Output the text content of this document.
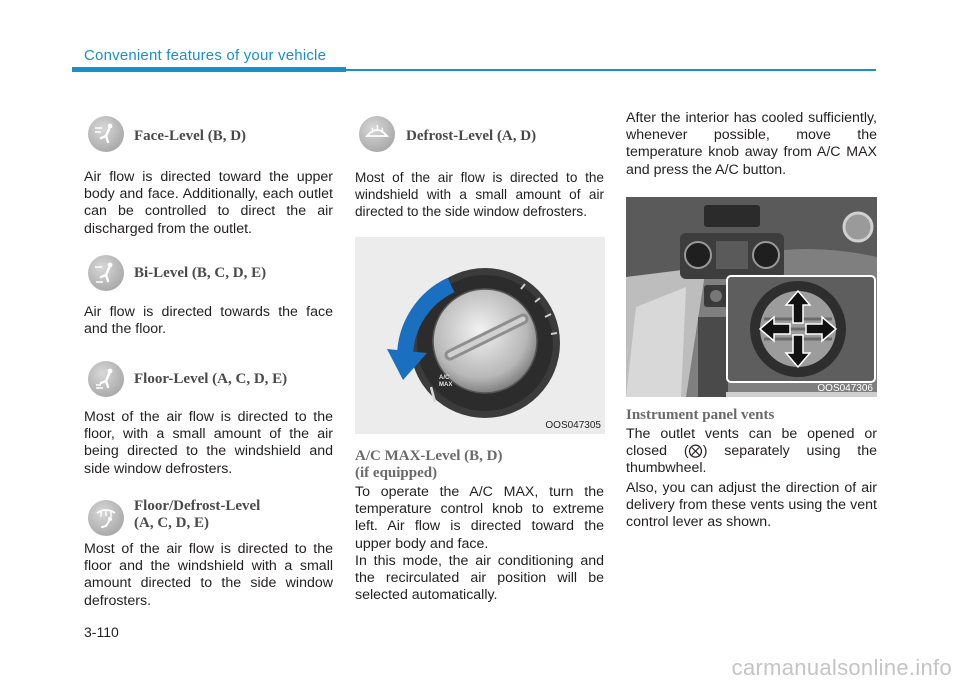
Convenient features of your vehicle
Face-Level (B, D)
Air flow is directed toward the upper body and face. Additionally, each outlet can be controlled to direct the air discharged from the outlet.
Bi-Level (B, C, D, E)
Air flow is directed towards the face and the floor.
Floor-Level (A, C, D, E)
Most of the air flow is directed to the floor, with a small amount of the air being directed to the windshield and side window defrosters.
Floor/Defrost-Level
(A, C, D, E)
Most of the air flow is directed to the floor and the windshield with a small amount directed to the side window defrosters.
Defrost-Level (A, D)
Most of the air flow is directed to the windshield with a small amount of air directed to the side window defrosters.
A/C
MAX
OOS047305
A/C MAX-Level (B, D)
(if equipped)
To operate the A/C MAX, turn the temperature control knob to extreme left. Air flow is directed toward the upper body and face.
In this mode, the air conditioning and the recirculated air position will be selected automatically.
After the interior has cooled sufficiently, whenever possible, move the temperature knob away from A/C MAX and press the A/C button.
OOS047306
Instrument panel vents
The outlet vents can be opened or closed (⨂) separately using the thumbwheel.
Also, you can adjust the direction of air delivery from these vents using the vent control lever as shown.
3-110
carmanualsonline.info
